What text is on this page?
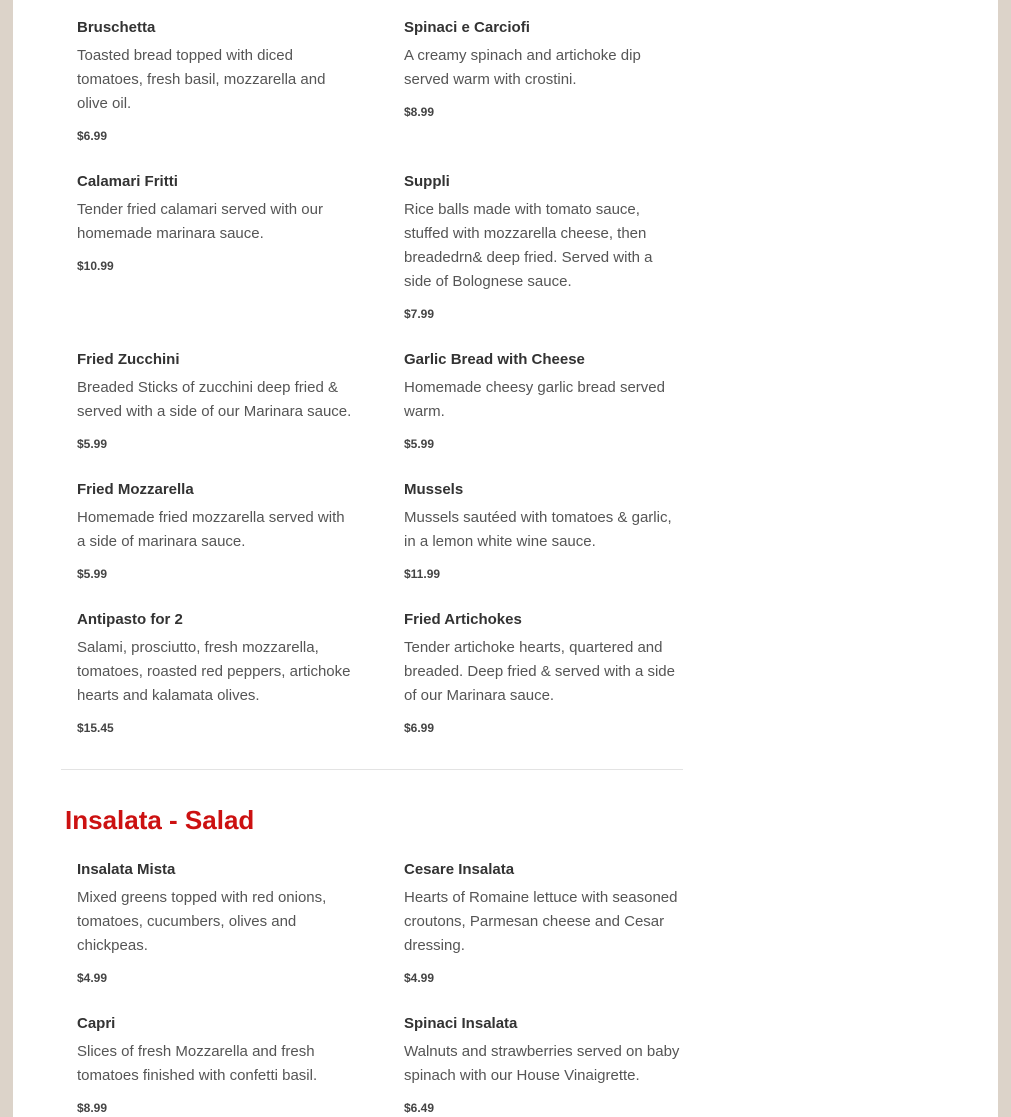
Bruschetta

Toasted bread topped with diced tomatoes, fresh basil, mozzarella and olive oil.

$6.99

Spinaci e Carciofi

A creamy spinach and artichoke dip served warm with crostini.

$8.99

Calamari Fritti

Tender fried calamari served with our homemade marinara sauce.

$10.99

Suppli

Rice balls made with tomato sauce, stuffed with mozzarella cheese, then breadedrn& deep fried. Served with a side of Bolognese sauce.

$7.99

Fried Zucchini

Breaded Sticks of zucchini deep fried & served with a side of our Marinara sauce.

$5.99

Garlic Bread with Cheese

Homemade cheesy garlic bread served warm.

$5.99

Fried Mozzarella

Homemade fried mozzarella served with a side of marinara sauce.

$5.99

Mussels

Mussels sautéed with tomatoes & garlic, in a lemon white wine sauce.

$11.99

Antipasto for 2

Salami, prosciutto, fresh mozzarella, tomatoes, roasted red peppers, artichoke hearts and kalamata olives.

$15.45

Fried Artichokes

Tender artichoke hearts, quartered and breaded. Deep fried & served with a side of our Marinara sauce.

$6.99

Insalata - Salad

Insalata Mista

Mixed greens topped with red onions, tomatoes, cucumbers, olives and chickpeas.

$4.99

Cesare Insalata

Hearts of Romaine lettuce with seasoned croutons, Parmesan cheese and Cesar dressing.

$4.99

Capri

Slices of fresh Mozzarella and fresh tomatoes finished with confetti basil.

$8.99

Spinaci Insalata

Walnuts and strawberries served on baby spinach with our House Vinaigrette.

$6.49
